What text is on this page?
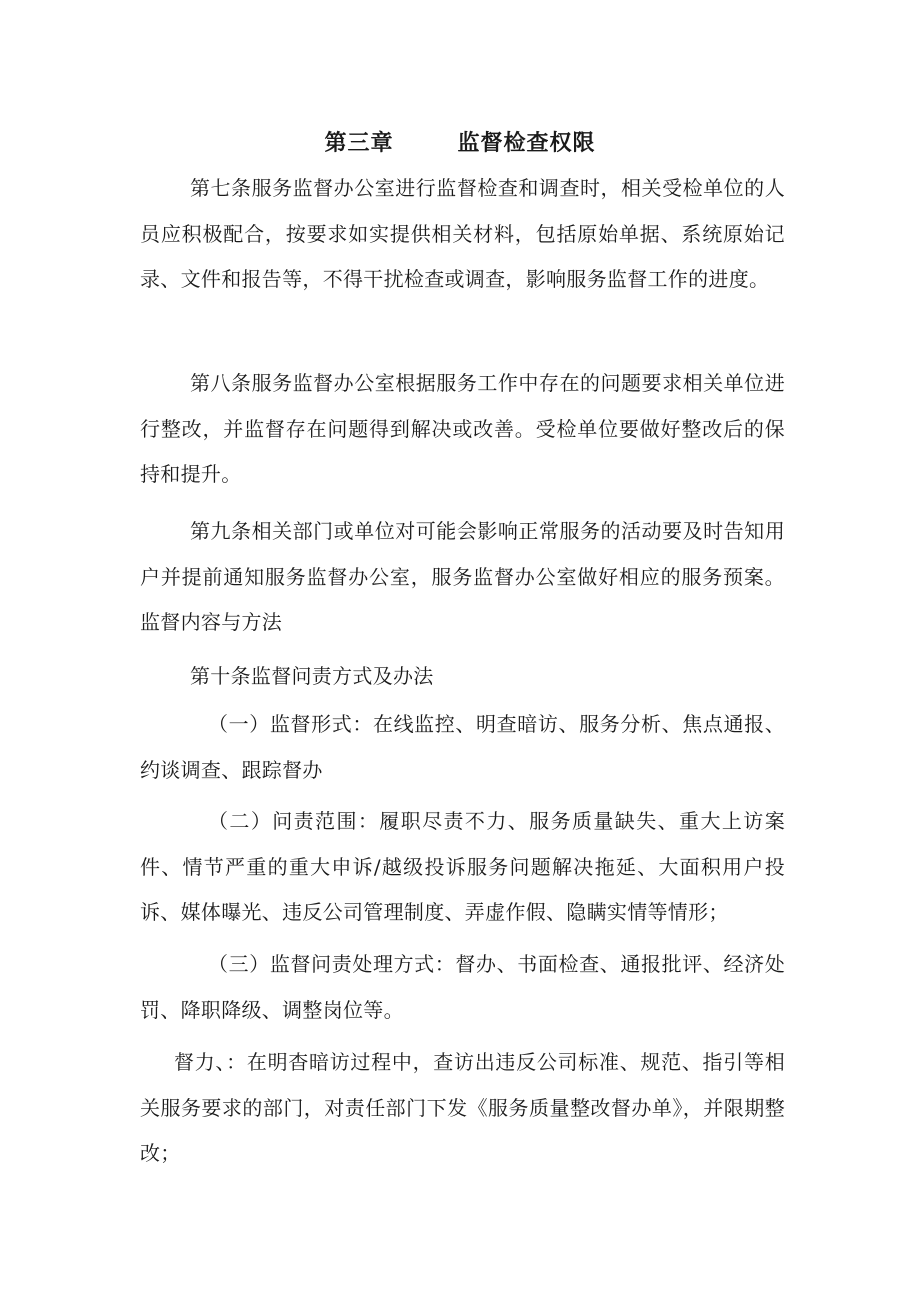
第三章	监督检查权限

第七条服务监督办公室进行监督检查和调查时，相关受检单位的人员应积极配合，按要求如实提供相关材料，包括原始单据、系统原始记录、文件和报告等，不得干扰检查或调查，影响服务监督工作的进度。

第八条服务监督办公室根据服务工作中存在的问题要求相关单位进行整改，并监督存在问题得到解决或改善。受检单位要做好整改后的保持和提升。

第九条相关部门或单位对可能会影响正常服务的活动要及时告知用户并提前通知服务监督办公室，服务监督办公室做好相应的服务预案。监督内容与方法

第十条监督问责方式及办法

（一）监督形式：在线监控、明查暗访、服务分析、焦点通报、约谈调查、跟踪督办

（二）问责范围：履职尽责不力、服务质量缺失、重大上访案件、情节严重的重大申诉/越级投诉服务问题解决拖延、大面积用户投诉、媒体曝光、违反公司管理制度、弄虚作假、隐瞒实情等情形；

（三）监督问责处理方式：督办、书面检查、通报批评、经济处罚、降职降级、调整岗位等。

督力、：在明杳暗访过程中，查访出违反公司标准、规范、指引等相关服务要求的部门，对责任部门下发《服务质量整改督办单》，并限期整改；
